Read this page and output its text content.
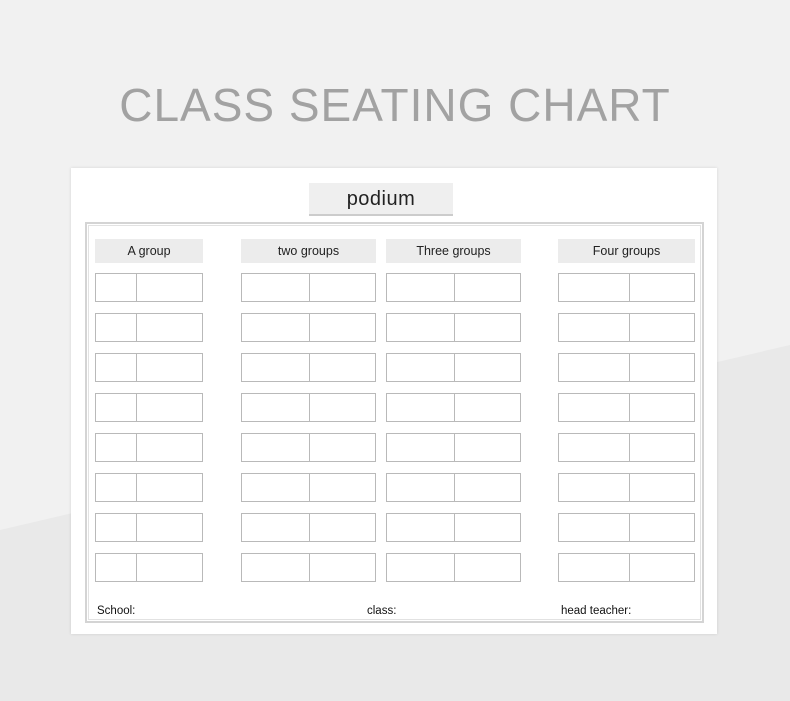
CLASS SEATING CHART
podium
A group	two groups	Three groups	Four groups
School:	class:	head teacher:
